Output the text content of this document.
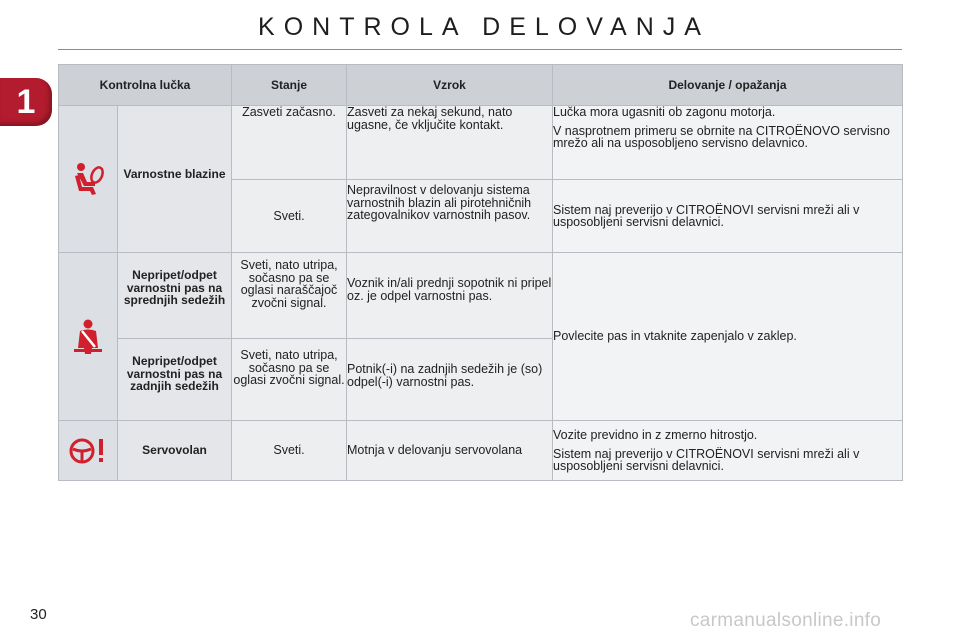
KONTROLA DELOVANJA
1	Kontrolna lučka		Stanje	Vzrok	Delovanje / opažanja

	Varnostne blazine	Zasveti začasno.	Zasveti za nekaj sekund, nato ugasne, če vključite kontakt.	Lučka mora ugasniti ob zagonu motorja.

V nasprotnem primeru se obrnite na CITROËNOVO servisno mrežo ali na usposobljeno servisno delavnico.

		Sveti.	Nepravilnost v delovanju sistema varnostnih blazin ali pirotehničnih zategovalnikov varnostnih pasov.	Sistem naj preverijo v CITROËNOVI servisni mreži ali v usposobljeni servisni delavnici.

	Nepripet/odpet varnostni pas na sprednjih sedežih	Sveti, nato utripa, sočasno pa se oglasi naraščajoč zvočni signal.	Voznik in/ali prednji sopotnik ni pripel oz. je odpel varnostni pas.	Povlecite pas in vtaknite zapenjalo v zaklep.
	Nepripet/odpet varnostni pas na zadnjih sedežih	Sveti, nato utripa, sočasno pa se oglasi zvočni signal.	Potnik(-i) na zadnjih sedežih je (so) odpel(-i) varnostni pas.	

	Servovolan	Sveti.	Motnja v delovanju servovolana	Vozite previdno in z zmerno hitrostjo.

Sistem naj preverijo v CITROËNOVI servisni mreži ali v usposobljeni servisni delavnici.

30	carmanualsonline.info
